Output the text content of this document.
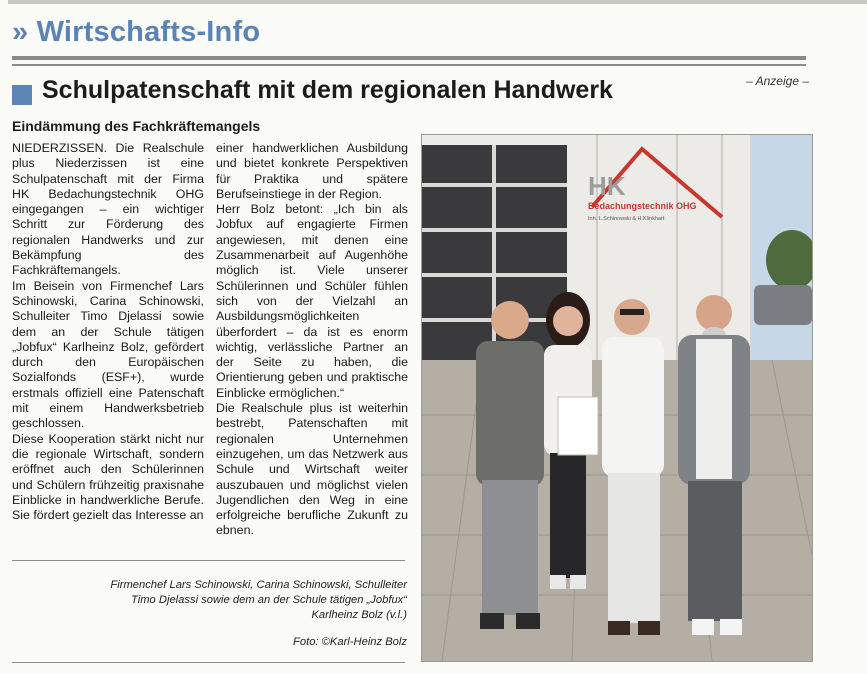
» Wirtschafts-Info
Schulpatenschaft mit dem regionalen Handwerk	– Anzeige –
Eindämmung des Fachkräftemangels

NIEDERZISSEN. Die Realschule plus Niederzissen ist eine Schulpatenschaft mit der Firma HK Bedachungstechnik OHG eingegangen – ein wichtiger Schritt zur Förderung des regionalen Handwerks und zur Bekämpfung des Fachkräftemangels.

Im Beisein von Firmenchef Lars Schinowski, Carina Schinowski, Schulleiter Timo Djelassi sowie dem an der Schule tätigen „Jobfux“ Karlheinz Bolz, gefördert durch den Europäischen Sozialfonds (ESF+), wurde erstmals offiziell eine Patenschaft mit einem Handwerksbetrieb geschlossen.

Diese Kooperation stärkt nicht nur die regionale Wirtschaft, sondern eröffnet auch den Schülerinnen und Schülern frühzeitig praxisnahe Einblicke in handwerkliche Berufe. Sie fördert gezielt das Interesse an

einer handwerklichen Ausbildung und bietet konkrete Perspektiven für Praktika und spätere Berufseinstiege in der Region.

Herr Bolz betont: „Ich bin als Jobfux auf engagierte Firmen angewiesen, mit denen eine Zusammenarbeit auf Augenhöhe möglich ist. Viele unserer Schülerinnen und Schüler fühlen sich von der Vielzahl an Ausbildungsmöglichkeiten überfordert – da ist es enorm wichtig, verlässliche Partner an der Seite zu haben, die Orientierung geben und praktische Einblicke ermöglichen.“

Die Realschule plus ist weiterhin bestrebt, Patenschaften mit regionalen Unternehmen einzugehen, um das Netzwerk aus Schule und Wirtschaft weiter auszubauen und möglichst vielen Jugendlichen den Weg in eine erfolgreiche berufliche Zukunft zu ebnen.

Firmenchef Lars Schinowski, Carina Schinowski, Schulleiter Timo Djelassi sowie dem an der Schule tätigen „Jobfux“ Karlheinz Bolz (v.l.)
Foto: ©Karl-Heinz Bolz
HK
Bedachungstechnik OHG
Inh. L.Schinowski & H.Klinkhart
